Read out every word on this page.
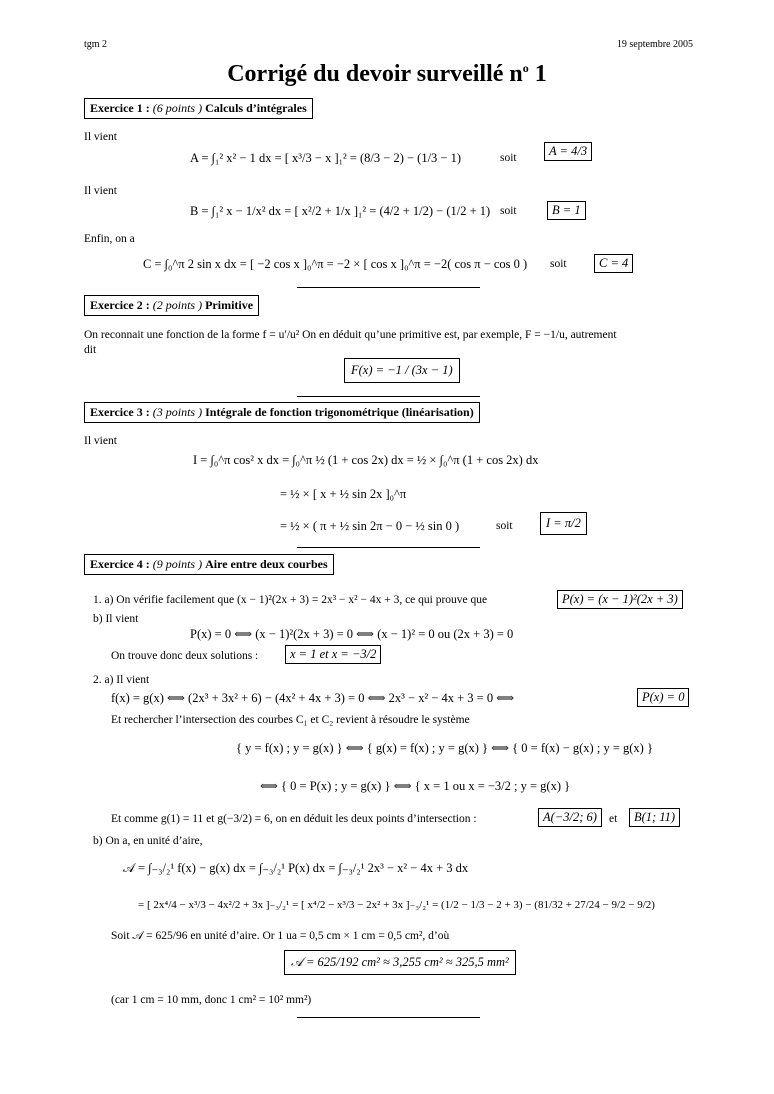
tgm 2	19 septembre 2005
Corrigé du devoir surveillé $n^o$ 1
Exercice 1 : (6 points ) Calculs d’intégrales
Il vient
A = ∫₁² x² − 1 dx = [ x³/3 − x ]₁² = (8/3 − 2) − (1/3 − 1)	soit	A = 4/3
Il vient
B = ∫₁² x − 1/x² dx = [ x²/2 + 1/x ]₁² = (4/2 + 1/2) − (1/2 + 1) soit	B = 1
Enfin, on a
C = ∫₀^π 2 sin x dx = [ −2 cos x ]₀^π = −2 × [ cos x ]₀^π = −2( cos π − cos 0 ) soit	C = 4
Exercice 2 : (2 points ) Primitive
On reconnait une fonction de la forme f = u′/u² On en déduit qu’une primitive est, par exemple, F = −1/u, autrement
dit
F(x) = −1 / (3x − 1)
Exercice 3 : (3 points ) Intégrale de fonction trigonométrique (linéarisation)
Il vient
I = ∫₀^π cos² x dx = ∫₀^π ½ (1 + cos 2x) dx = ½ × ∫₀^π (1 + cos 2x) dx
= ½ × [ x + ½ sin 2x ]₀^π
= ½ × ( π + ½ sin 2π − 0 − ½ sin 0 )	soit	I = π/2
Exercice 4 : (9 points ) Aire entre deux courbes
1. a) On vérifie facilement que (x − 1)²(2x + 3) = 2x³ − x² − 4x + 3, ce qui prouve que	P(x) = (x − 1)²(2x + 3)
b) Il vient
P(x) = 0 ⟺ (x − 1)²(2x + 3) = 0 ⟺ (x − 1)² = 0 ou (2x + 3) = 0
On trouve donc deux solutions :	x = 1 et x = −3/2
2. a) Il vient
f(x) = g(x) ⟺ (2x³ + 3x² + 6) − (4x² + 4x + 3) = 0 ⟺ 2x³ − x² − 4x + 3 = 0 ⟺	P(x) = 0
Et rechercher l’intersection des courbes C₁ et C₂ revient à résoudre le système
{ y = f(x) ; y = g(x) } ⟺ { g(x) = f(x) ; y = g(x) } ⟺ { 0 = f(x) − g(x) ; y = g(x) }
⟺ { 0 = P(x) ; y = g(x) } ⟺ { x = 1 ou x = −3/2 ; y = g(x) }
Et comme g(1) = 11 et g(−3/2) = 6, on en déduit les deux points d’intersection :	A(−3/2; 6)	et	B(1; 11)
b) On a, en unité d’aire,
𝒜 = ∫₋₃/₂¹ f(x) − g(x) dx = ∫₋₃/₂¹ P(x) dx = ∫₋₃/₂¹ 2x³ − x² − 4x + 3 dx
= [ 2x⁴/4 − x³/3 − 4x²/2 + 3x ]₋₃/₂¹ = [ x⁴/2 − x³/3 − 2x² + 3x ]₋₃/₂¹ = (1/2 − 1/3 − 2 + 3) − (81/32 + 27/24 − 9/2 − 9/2)
Soit 𝒜 = 625/96 en unité d’aire. Or 1 ua = 0,5 cm × 1 cm = 0,5 cm², d’où
𝒜 = 625/192 cm² ≈ 3,255 cm² ≈ 325,5 mm²
(car 1 cm = 10 mm, donc 1 cm² = 10² mm²)
